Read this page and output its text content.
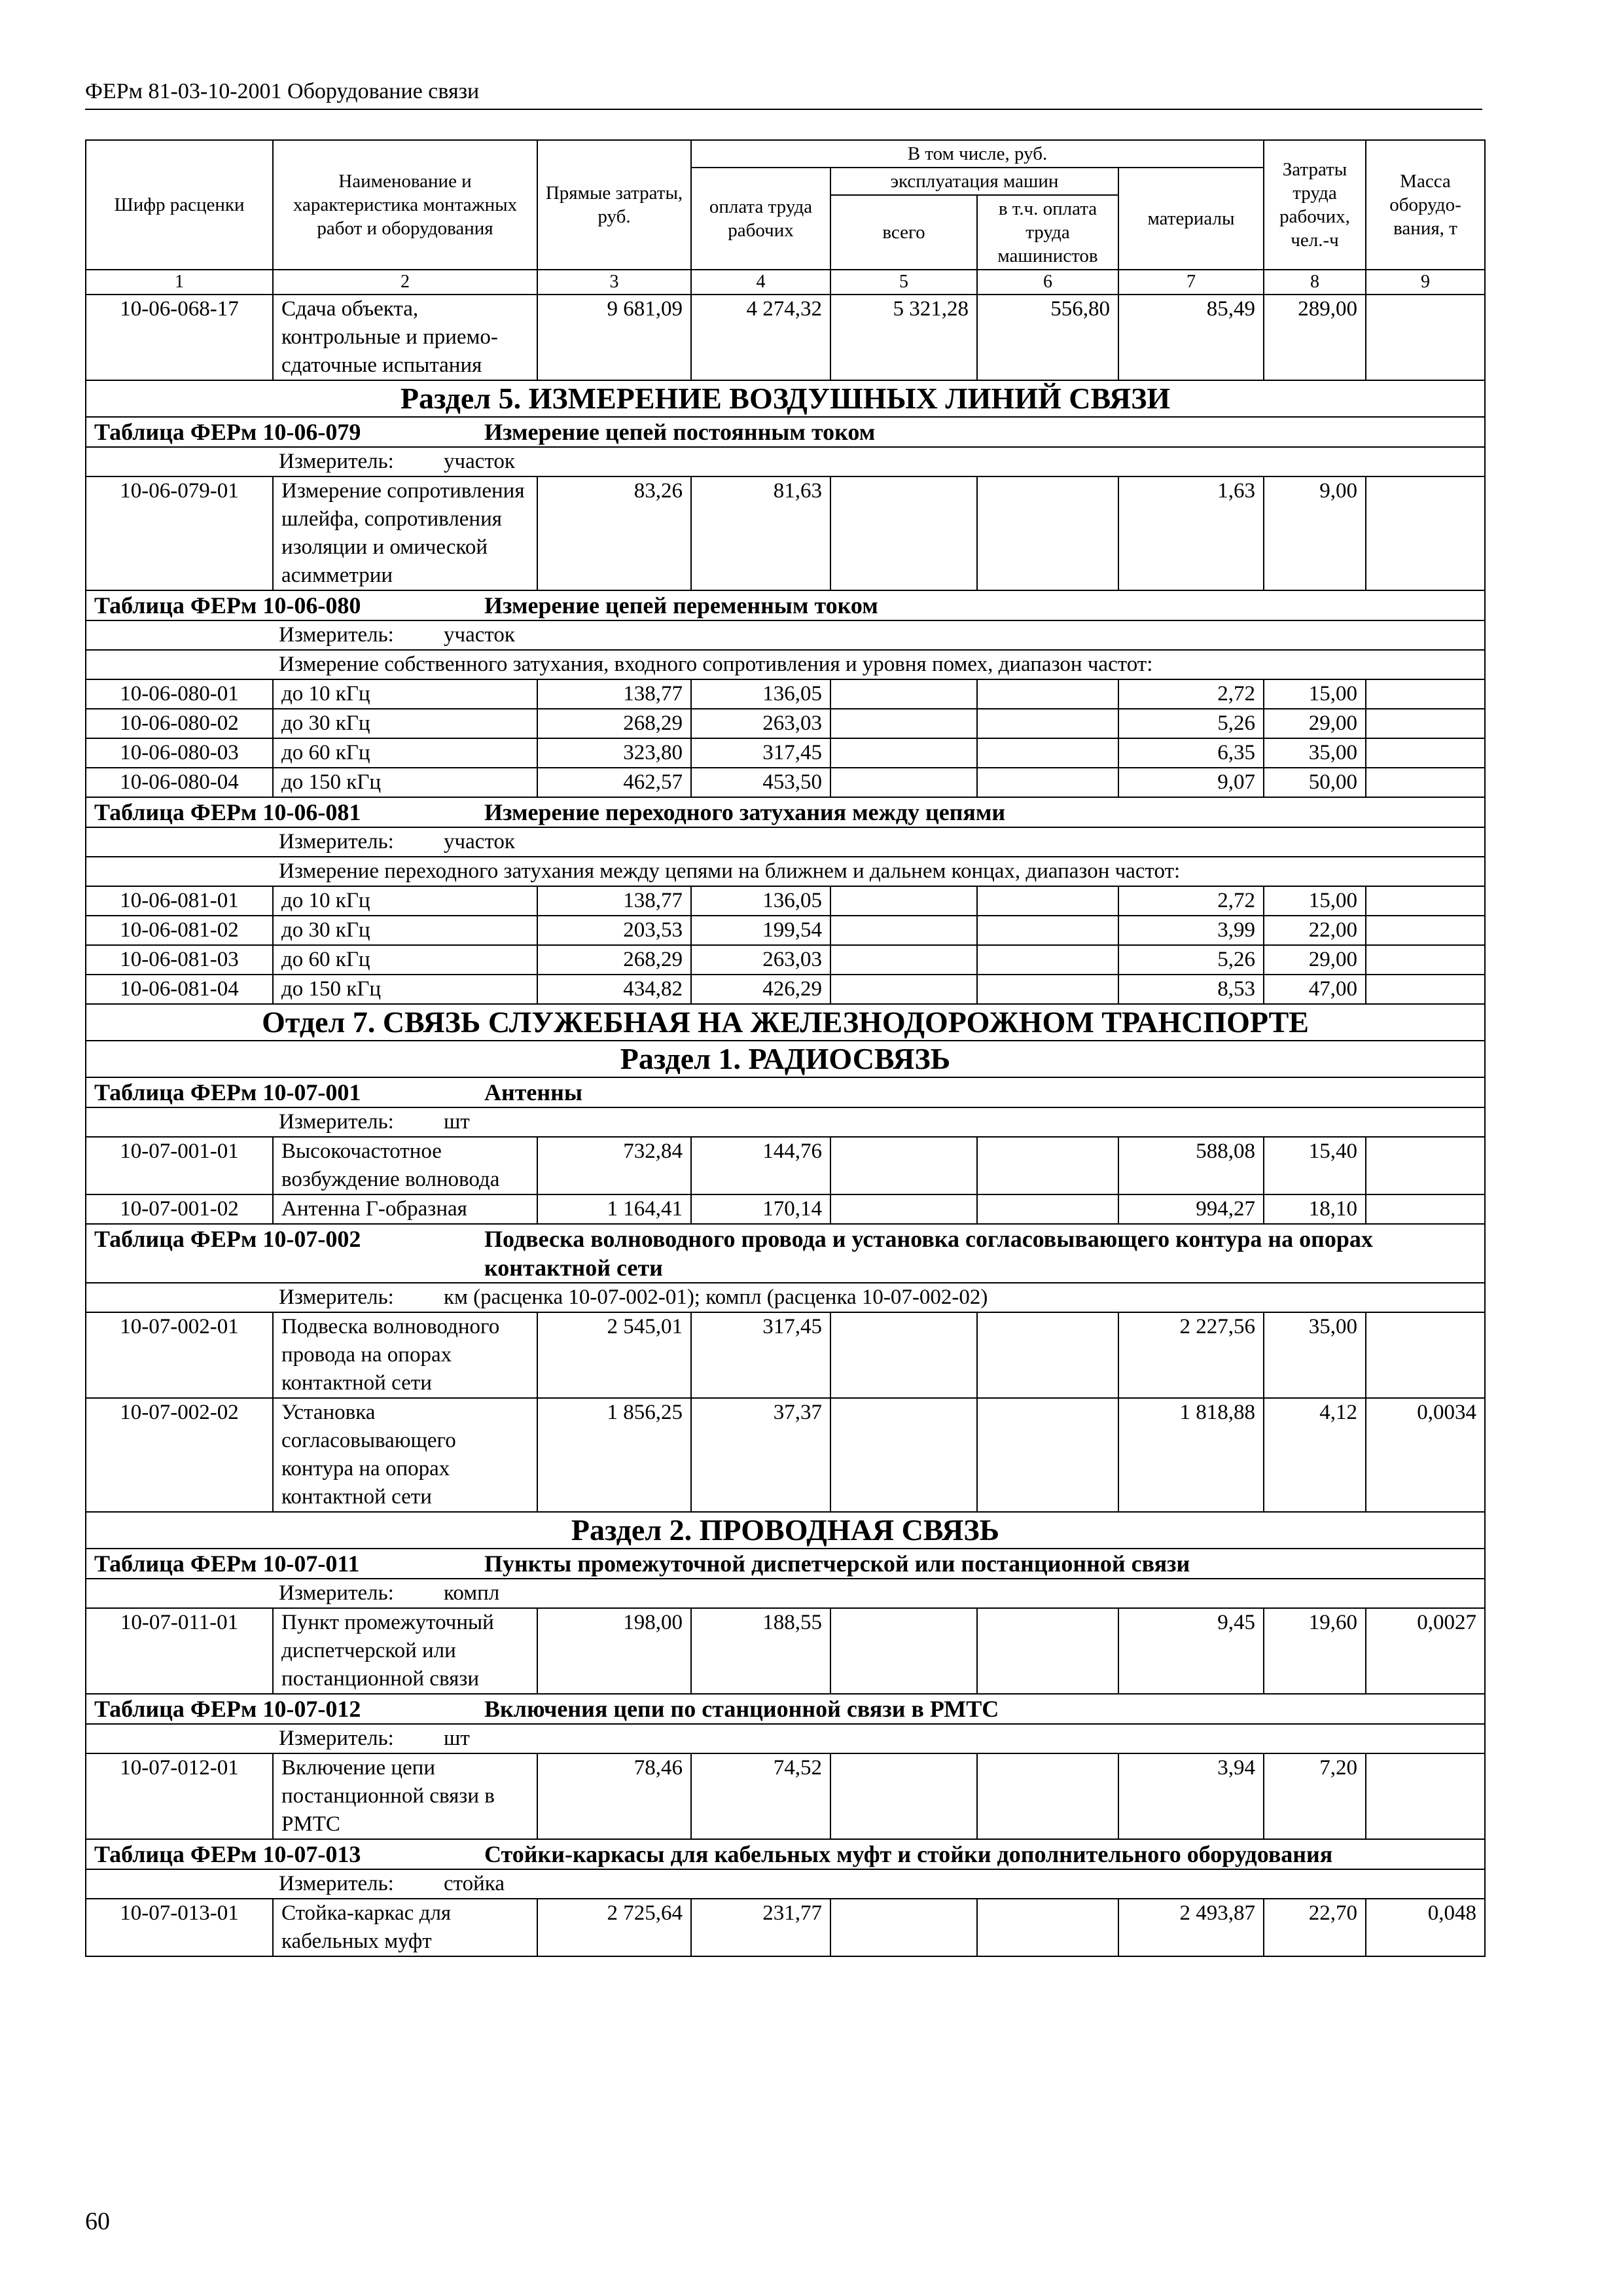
ФЕРм 81-03-10-2001 Оборудование связи
Шифр расценки	Наименование и характеристика монтажных работ и оборудования	Прямые затраты, руб.	В том числе, руб.				Затраты труда рабочих, чел.-ч	Масса оборудо-вания, т
			оплата труда рабочих	эксплуатация машин		материалы		
				всего	в т.ч. оплата труда машинистов			
1	2	3	4	5	6	7	8	9
10-06-068-17	Сдача объекта, контрольные и приемо-сдаточные испытания	9 681,09	4 274,32	5 321,28	556,80	85,49	289,00	
Раздел 5. ИЗМЕРЕНИЕ ВОЗДУШНЫХ ЛИНИЙ СВЯЗИ								

Таблица ФЕРм 10-06-079 Измерение цепей постоянным током								

Измеритель: участок								

10-06-079-01	Измерение сопротивления шлейфа, сопротивления изоляции и омической асимметрии	83,26	81,63			1,63	9,00	

Таблица ФЕРм 10-06-080 Измерение цепей переменным током								

Измеритель: участок								

Измерение собственного затухания, входного сопротивления и уровня помех, диапазон частот:								

10-06-080-01	до 10 кГц	138,77	136,05			2,72	15,00	
10-06-080-02	до 30 кГц	268,29	263,03			5,26	29,00	
10-06-080-03	до 60 кГц	323,80	317,45			6,35	35,00	
10-06-080-04	до 150 кГц	462,57	453,50			9,07	50,00	

Таблица ФЕРм 10-06-081 Измерение переходного затухания между цепями								

Измеритель: участок								

Измерение переходного затухания между цепями на ближнем и дальнем концах, диапазон частот:								

10-06-081-01	до 10 кГц	138,77	136,05			2,72	15,00	
10-06-081-02	до 30 кГц	203,53	199,54			3,99	22,00	
10-06-081-03	до 60 кГц	268,29	263,03			5,26	29,00	
10-06-081-04	до 150 кГц	434,82	426,29			8,53	47,00	
Отдел 7. СВЯЗЬ СЛУЖЕБНАЯ НА ЖЕЛЕЗНОДОРОЖНОМ ТРАНСПОРТЕ								
Раздел 1. РАДИОСВЯЗЬ								

Таблица ФЕРм 10-07-001 Антенны								

Измеритель: шт								

10-07-001-01	Высокочастотное возбуждение волновода	732,84	144,76			588,08	15,40	
10-07-001-02	Антенна Г-образная	1 164,41	170,14			994,27	18,10	

Таблица ФЕРм 10-07-002 Подвеска волноводного провода и установка согласовывающего контура на опорах контактной сети								

Измеритель: км (расценка 10-07-002-01); компл (расценка 10-07-002-02)								

10-07-002-01	Подвеска волноводного провода на опорах контактной сети	2 545,01	317,45			2 227,56	35,00	
10-07-002-02	Установка согласовывающего контура на опорах контактной сети	1 856,25	37,37			1 818,88	4,12	0,0034
Раздел 2. ПРОВОДНАЯ СВЯЗЬ								

Таблица ФЕРм 10-07-011 Пункты промежуточной диспетчерской или постанционной связи								

Измеритель: компл								

10-07-011-01	Пункт промежуточный диспетчерской или постанционной связи	198,00	188,55			9,45	19,60	0,0027

Таблица ФЕРм 10-07-012 Включения цепи по станционной связи в РМТС								

Измеритель: шт								

10-07-012-01	Включение цепи постанционной связи в РМТС	78,46	74,52			3,94	7,20	

Таблица ФЕРм 10-07-013 Стойки-каркасы для кабельных муфт и стойки дополнительного оборудования								

Измеритель: стойка								

10-07-013-01	Стойка-каркас для кабельных муфт	2 725,64	231,77			2 493,87	22,70	0,048
60
